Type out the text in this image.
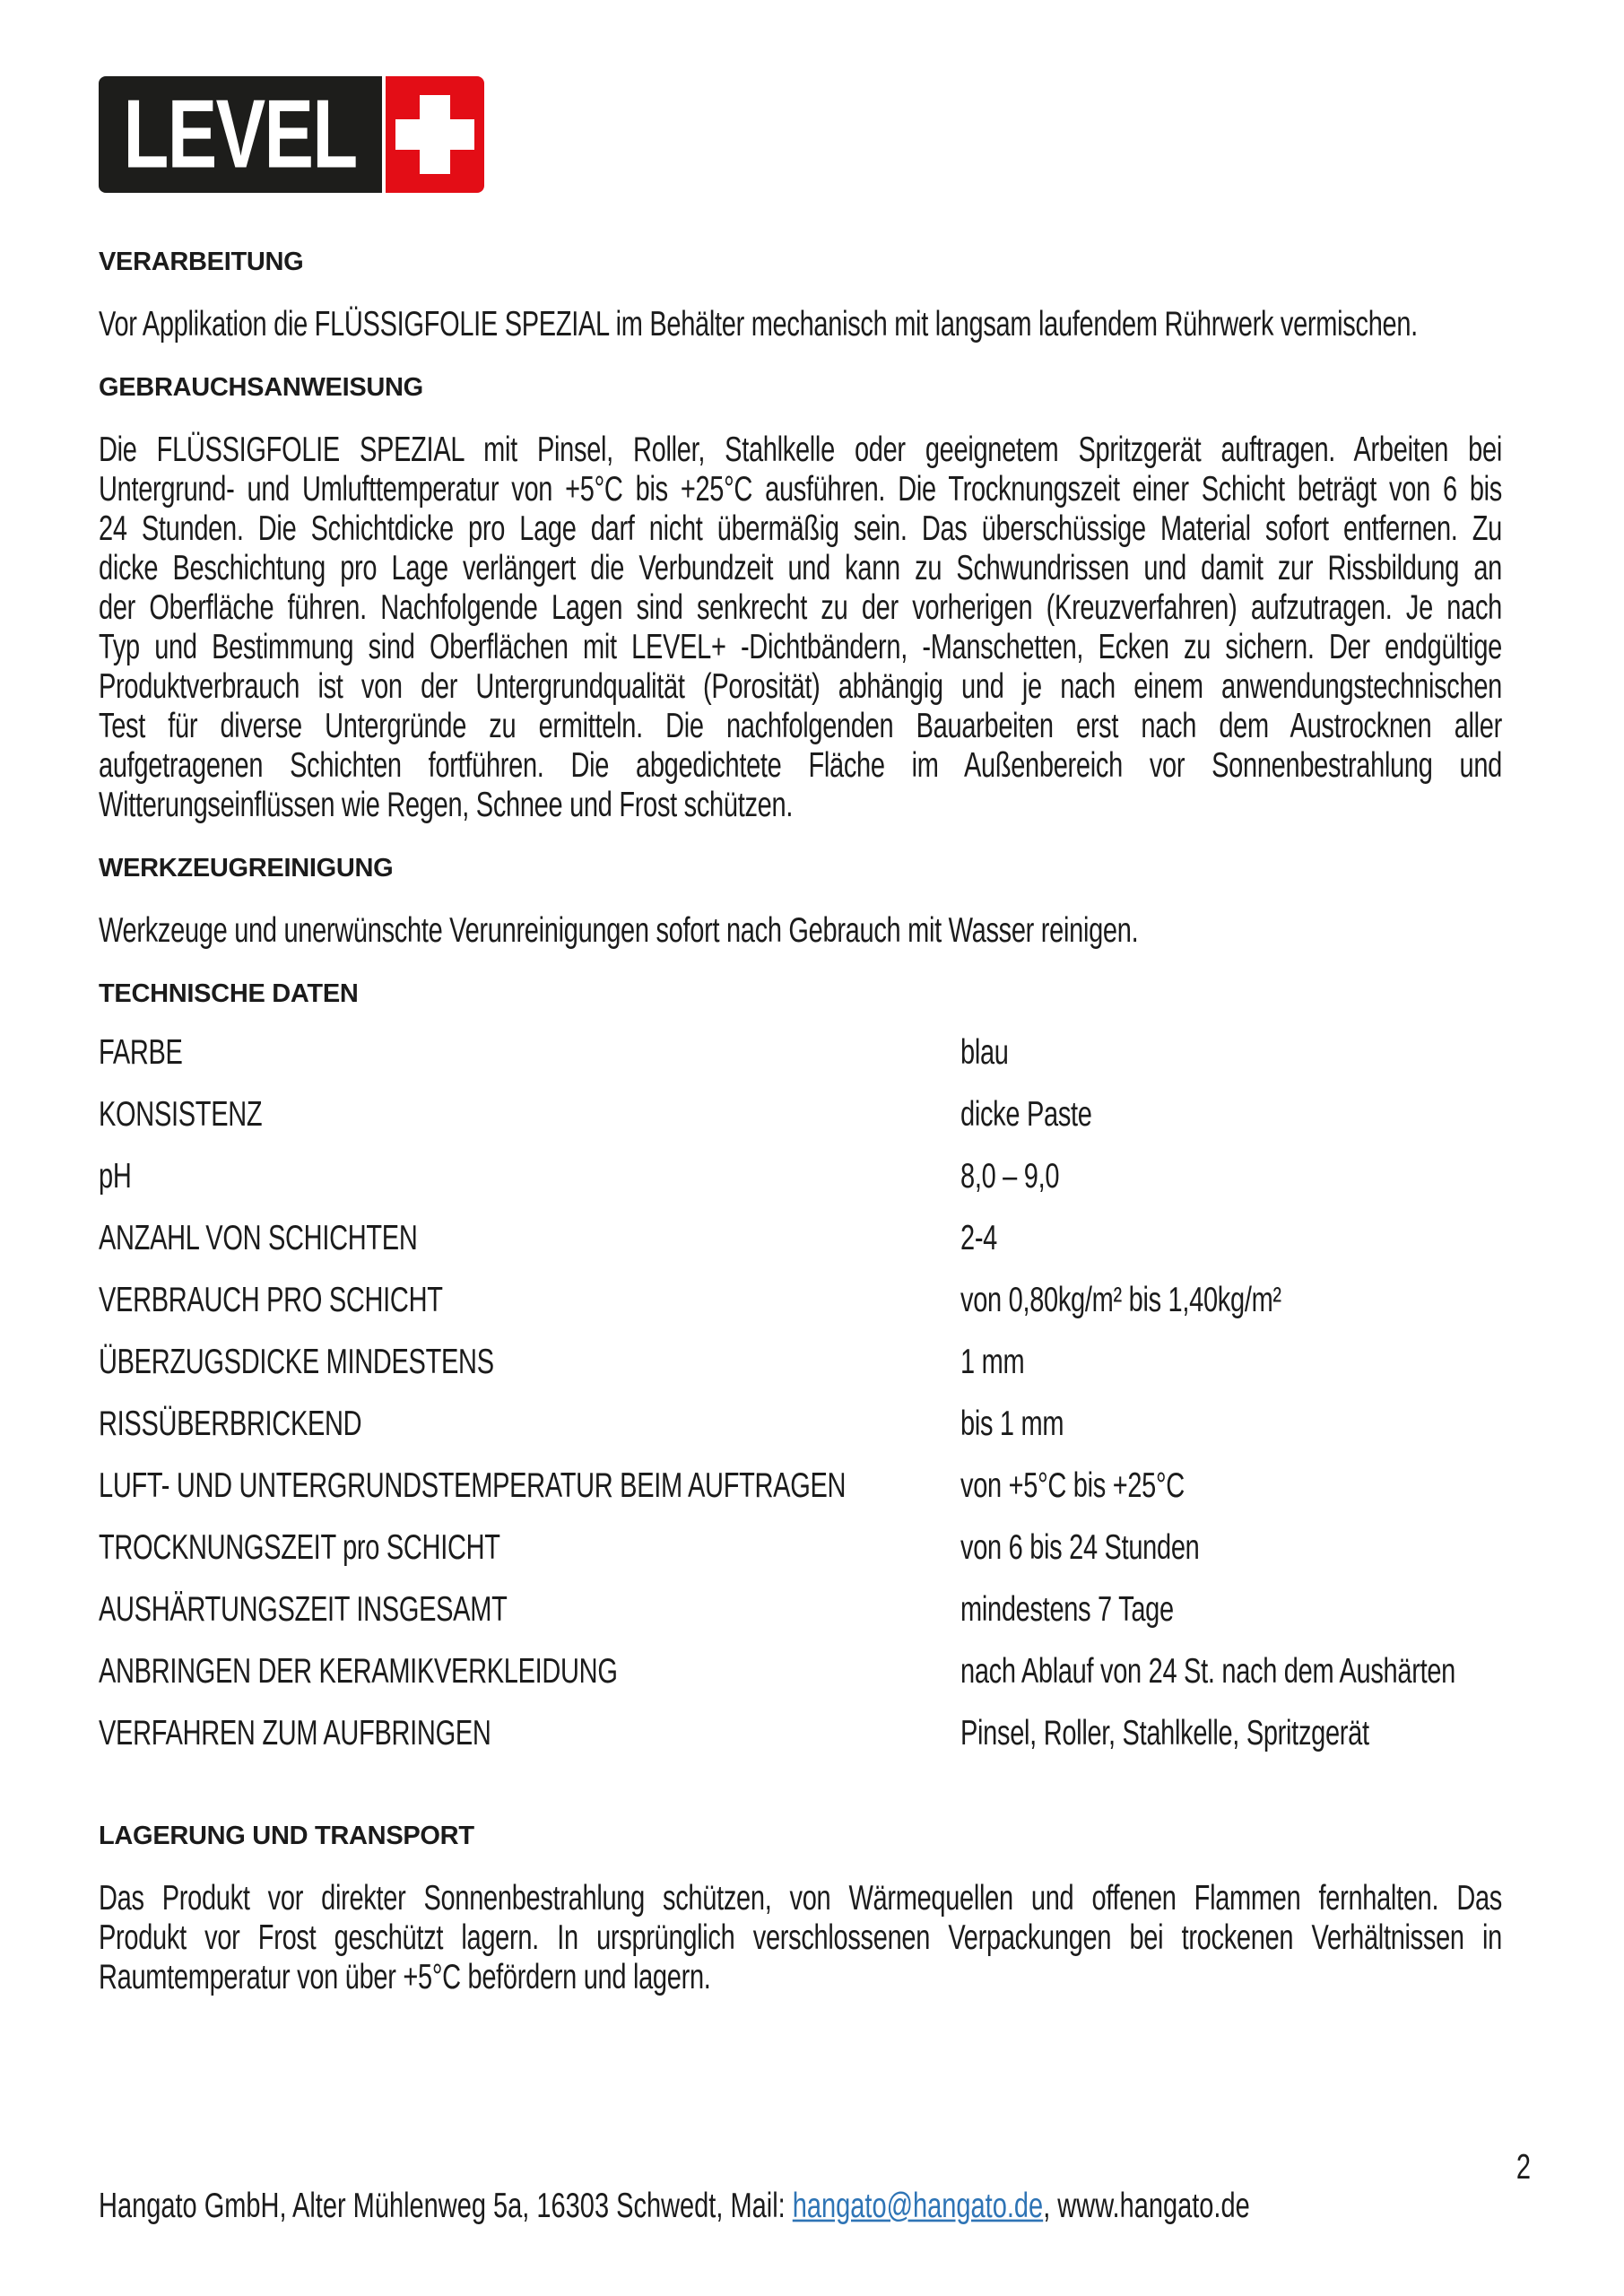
LEVEL
VERARBEITUNG
Vor Applikation die FLÜSSIGFOLIE SPEZIAL im Behälter mechanisch mit langsam laufendem Rührwerk vermischen.
GEBRAUCHSANWEISUNG
Die FLÜSSIGFOLIE SPEZIAL mit Pinsel, Roller, Stahlkelle oder geeignetem Spritzgerät auftragen. Arbeiten bei
Untergrund- und Umlufttemperatur von +5°C bis +25°C ausführen. Die Trocknungszeit einer Schicht beträgt von 6 bis
24 Stunden. Die Schichtdicke pro Lage darf nicht übermäßig sein. Das überschüssige Material sofort entfernen. Zu
dicke Beschichtung pro Lage verlängert die Verbundzeit und kann zu Schwundrissen und damit zur Rissbildung an
der Oberfläche führen. Nachfolgende Lagen sind senkrecht zu der vorherigen (Kreuzverfahren) aufzutragen. Je nach
Typ und Bestimmung sind Oberflächen mit LEVEL+ -Dichtbändern, -Manschetten, Ecken zu sichern. Der endgültige
Produktverbrauch ist von der Untergrundqualität (Porosität) abhängig und je nach einem anwendungstechnischen
Test für diverse Untergründe zu ermitteln. Die nachfolgenden Bauarbeiten erst nach dem Austrocknen aller
aufgetragenen Schichten fortführen. Die abgedichtete Fläche im Außenbereich vor Sonnenbestrahlung und
Witterungseinflüssen wie Regen, Schnee und Frost schützen.
WERKZEUGREINIGUNG
Werkzeuge und unerwünschte Verunreinigungen sofort nach Gebrauch mit Wasser reinigen.
TECHNISCHE DATEN
FARBE	blau
KONSISTENZ	dicke Paste
pH	8,0 – 9,0
ANZAHL VON SCHICHTEN	2-4
VERBRAUCH PRO SCHICHT	von 0,80kg/m² bis 1,40kg/m²
ÜBERZUGSDICKE MINDESTENS	1 mm
RISSÜBERBRICKEND	bis 1 mm
LUFT- UND UNTERGRUNDSTEMPERATUR BEIM AUFTRAGEN	von +5°C bis +25°C
TROCKNUNGSZEIT pro SCHICHT	von 6 bis 24 Stunden
AUSHÄRTUNGSZEIT INSGESAMT	mindestens 7 Tage
ANBRINGEN DER KERAMIKVERKLEIDUNG	nach Ablauf von 24 St. nach dem Aushärten
VERFAHREN ZUM AUFBRINGEN	Pinsel, Roller, Stahlkelle, Spritzgerät
LAGERUNG UND TRANSPORT
Das Produkt vor direkter Sonnenbestrahlung schützen, von Wärmequellen und offenen Flammen fernhalten. Das
Produkt vor Frost geschützt lagern. In ursprünglich verschlossenen Verpackungen bei trockenen Verhältnissen in
Raumtemperatur von über +5°C befördern und lagern.
2
Hangato GmbH, Alter Mühlenweg 5a, 16303 Schwedt, Mail: hangato@hangato.de, www.hangato.de
